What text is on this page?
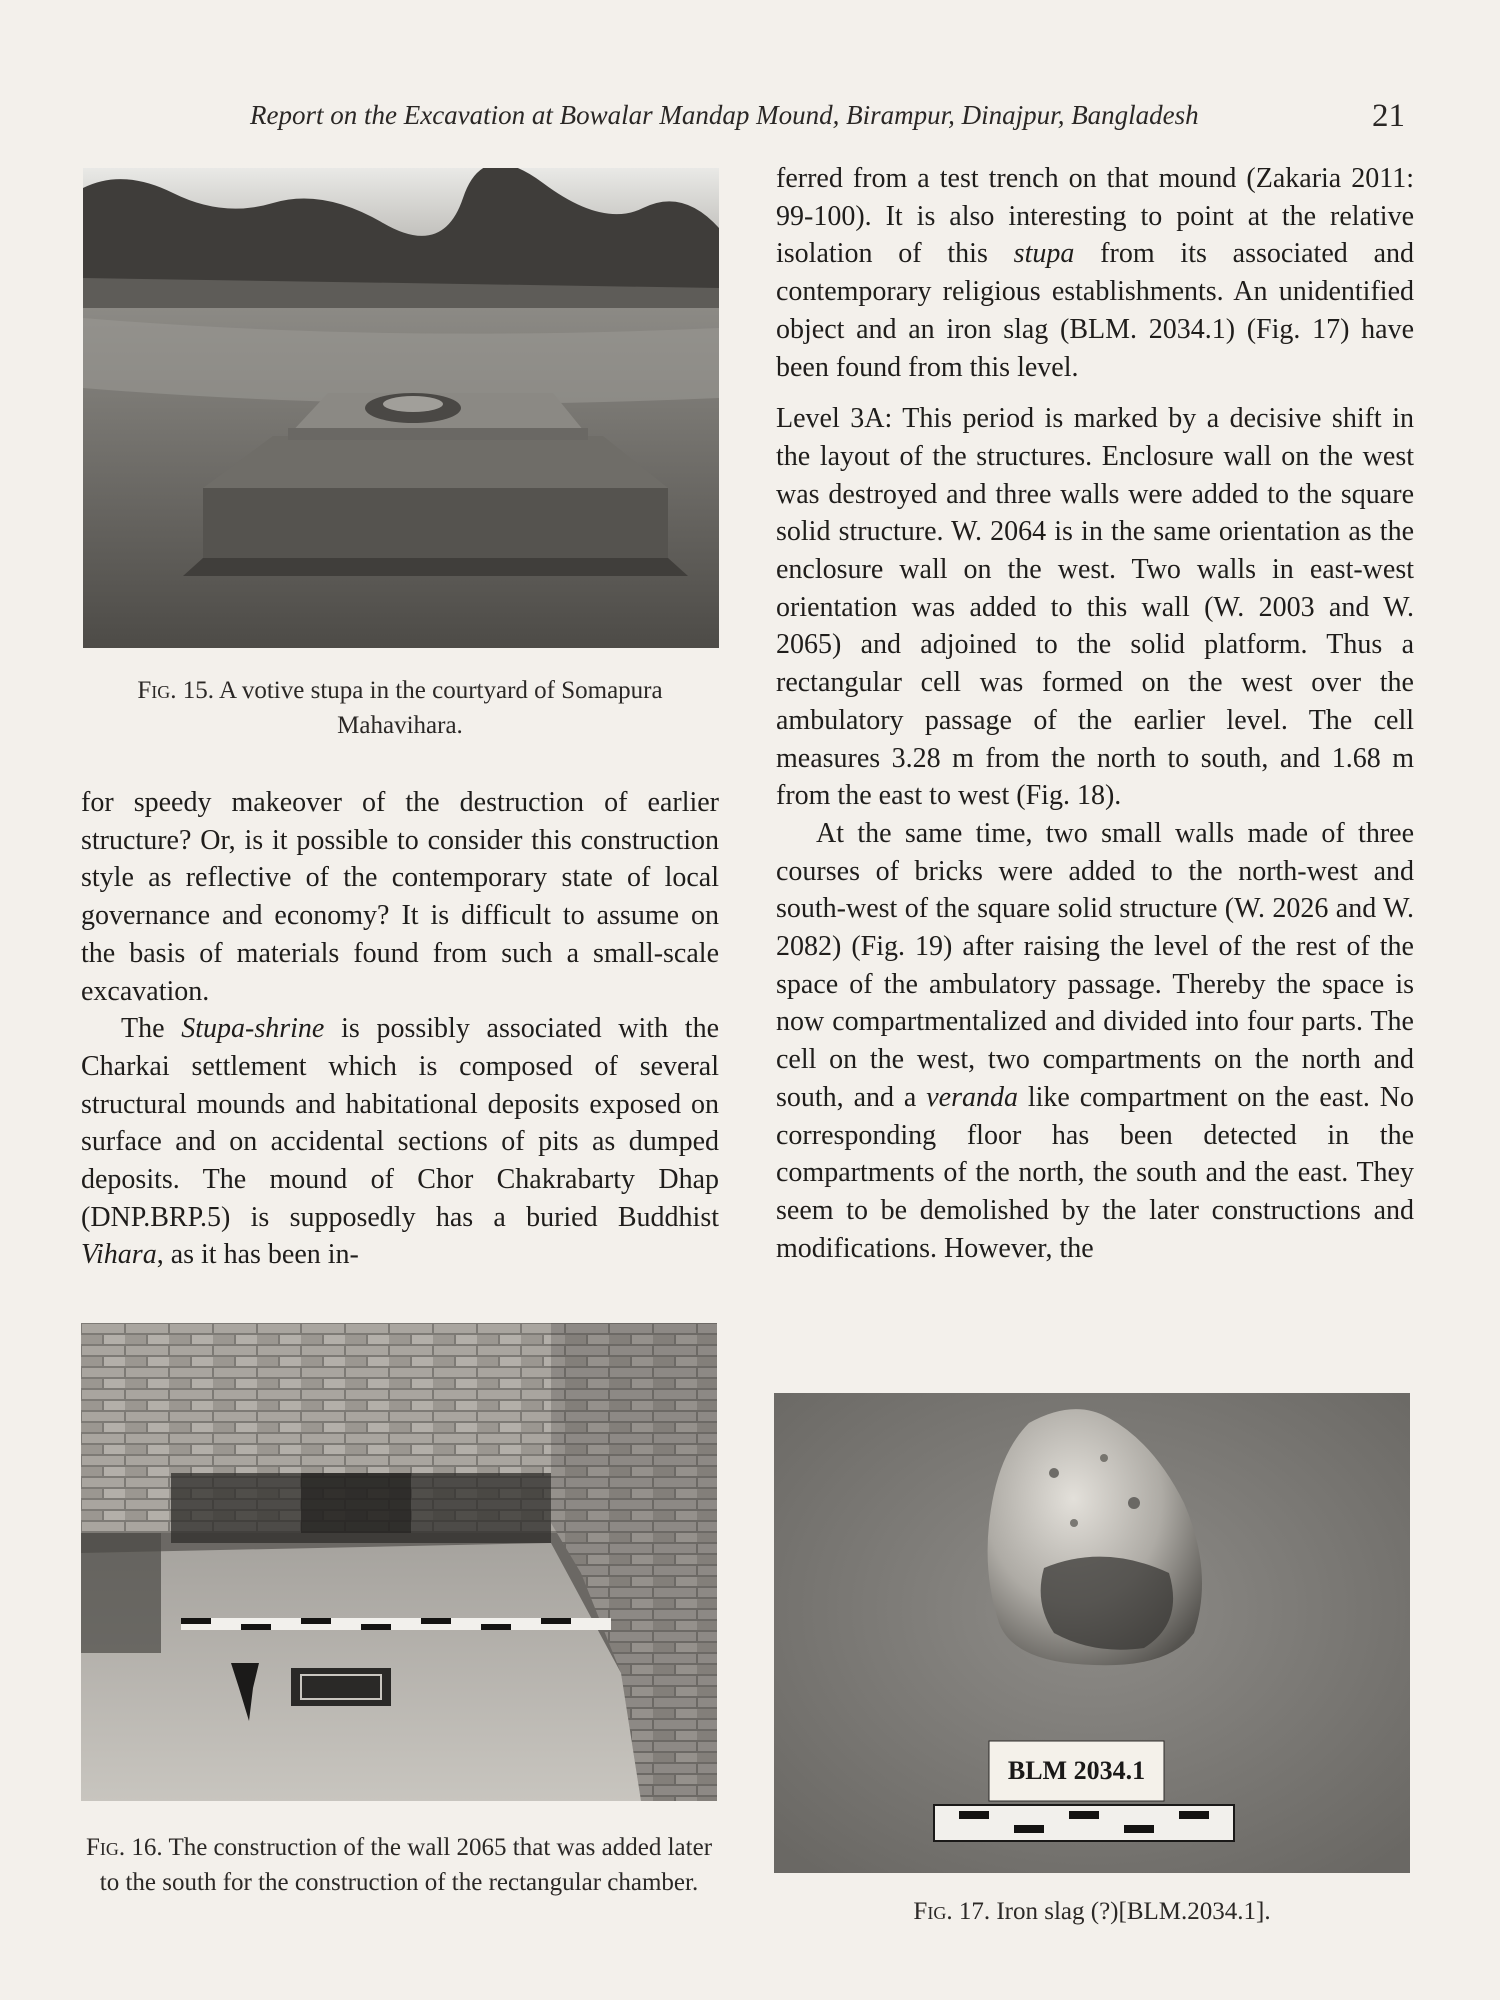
Report on the Excavation at Bowalar Mandap Mound, Birampur, Dinajpur, Bangladesh	21
Fig. 15. A votive stupa in the courtyard of Somapura Mahavihara.

for speedy makeover of the destruction of earlier structure? Or, is it possible to consider this construction style as reflective of the contemporary state of local governance and economy? It is difficult to assume on the basis of materials found from such a small-scale excavation.

The Stupa-shrine is possibly associated with the Charkai settlement which is composed of several structural mounds and habitational deposits exposed on surface and on accidental sections of pits as dumped deposits. The mound of Chor Chakrabarty Dhap (DNP.BRP.5) is supposedly has a buried Buddhist Vihara, as it has been in-

Fig. 16. The construction of the wall 2065 that was added later to the south for the construction of the rectangular chamber.

ferred from a test trench on that mound (Zakaria 2011: 99-100). It is also interesting to point at the relative isolation of this stupa from its associated and contemporary religious establishments. An unidentified object and an iron slag (BLM. 2034.1) (Fig. 17) have been found from this level.

Level 3A: This period is marked by a decisive shift in the layout of the structures. Enclosure wall on the west was destroyed and three walls were added to the square solid structure. W. 2064 is in the same orientation as the enclosure wall on the west. Two walls in east-west orientation was added to this wall (W. 2003 and W. 2065) and adjoined to the solid platform. Thus a rectangular cell was formed on the west over the ambulatory passage of the earlier level. The cell measures 3.28 m from the north to south, and 1.68 m from the east to west (Fig. 18).

At the same time, two small walls made of three courses of bricks were added to the north-west and south-west of the square solid structure (W. 2026 and W. 2082) (Fig. 19) after raising the level of the rest of the space of the ambulatory passage. Thereby the space is now compartmentalized and divided into four parts. The cell on the west, two compartments on the north and south, and a veranda like compartment on the east. No corresponding floor has been detected in the compartments of the north, the south and the east. They seem to be demolished by the later constructions and modifications. However, the

BLM 2034.1
Fig. 17. Iron slag (?)[BLM.2034.1].
